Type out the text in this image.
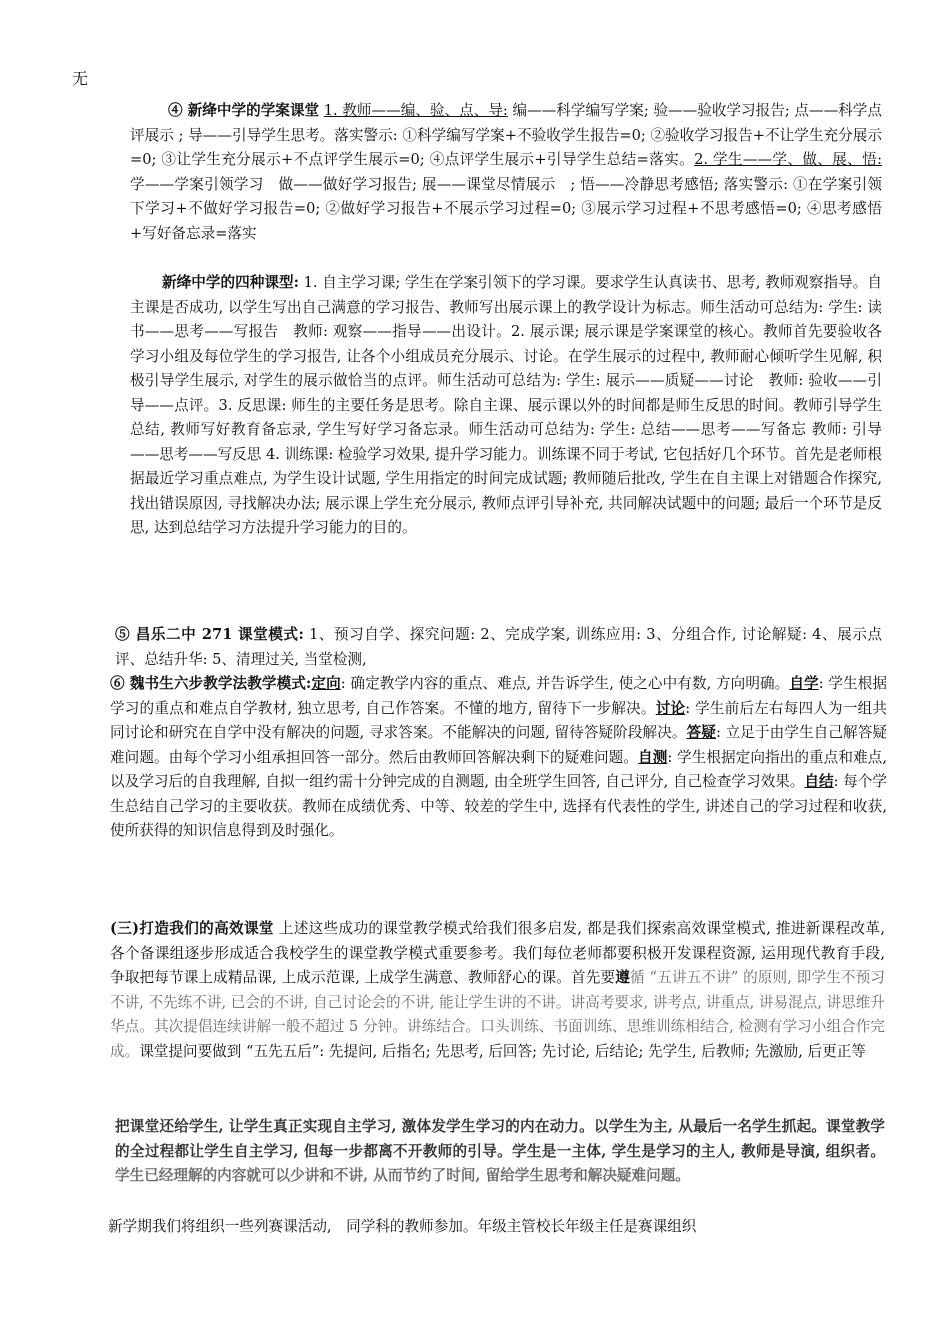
无

④ 新绛中学的学案课堂 1. 教师——编、验、点、导: 编——科学编写学案; 验——验收学习报告; 点——科学点评展示 ; 导——引导学生思考。落实警示: ①科学编写学案+不验收学生报告=0; ②验收学习报告+不让学生充分展示=0; ③让学生充分展示+不点评学生展示=0; ④点评学生展示+引导学生总结=落实。2. 学生——学、做、展、悟: 学——学案引领学习　做——做好学习报告; 展——课堂尽情展示　; 悟——冷静思考感悟; 落实警示: ①在学案引领下学习+不做好学习报告=0; ②做好学习报告+不展示学习过程=0; ③展示学习过程+不思考感悟=0; ④思考感悟+写好备忘录=落实

新绛中学的四种课型: 1. 自主学习课; 学生在学案引领下的学习课。要求学生认真读书、思考, 教师观察指导。自主课是否成功, 以学生写出自己满意的学习报告、教师写出展示课上的教学设计为标志。师生活动可总结为: 学生: 读书——思考——写报告　教师: 观察——指导——出设计。2. 展示课; 展示课是学案课堂的核心。教师首先要验收各学习小组及每位学生的学习报告, 让各个小组成员充分展示、讨论。在学生展示的过程中, 教师耐心倾听学生见解, 积极引导学生展示, 对学生的展示做恰当的点评。师生活动可总结为: 学生: 展示——质疑——讨论　教师: 验收——引导——点评。3. 反思课: 师生的主要任务是思考。除自主课、展示课以外的时间都是师生反思的时间。教师引导学生总结, 教师写好教育备忘录, 学生写好学习备忘录。师生活动可总结为: 学生: 总结——思考——写备忘 教师: 引导——思考——写反思 4. 训练课: 检验学习效果, 提升学习能力。训练课不同于考试, 它包括好几个环节。首先是老师根据最近学习重点难点, 为学生设计试题, 学生用指定的时间完成试题; 教师随后批改, 学生在自主课上对错题合作探究, 找出错误原因, 寻找解决办法; 展示课上学生充分展示, 教师点评引导补充, 共同解决试题中的问题; 最后一个环节是反思, 达到总结学习方法提升学习能力的目的。

⑤ 昌乐二中 271 课堂模式: 1、预习自学、探究问题: 2、完成学案, 训练应用: 3、分组合作, 讨论解疑: 4、展示点评、总结升华: 5、清理过关, 当堂检测,

⑥ 魏书生六步教学法教学模式:定向: 确定教学内容的重点、难点, 并告诉学生, 使之心中有数, 方向明确。自学: 学生根据学习的重点和难点自学教材, 独立思考, 自己作答案。不懂的地方, 留待下一步解决。讨论: 学生前后左右每四人为一组共同讨论和研究在自学中没有解决的问题, 寻求答案。不能解决的问题, 留待答疑阶段解决。答疑: 立足于由学生自己解答疑难问题。由每个学习小组承担回答一部分。然后由教师回答解决剩下的疑难问题。自测: 学生根据定向指出的重点和难点, 以及学习后的自我理解, 自拟一组约需十分钟完成的自测题, 由全班学生回答, 自己评分, 自己检查学习效果。自结: 每个学生总结自己学习的主要收获。教师在成绩优秀、中等、较差的学生中, 选择有代表性的学生, 讲述自己的学习过程和收获, 使所获得的知识信息得到及时强化。

(三)打造我们的高效课堂 上述这些成功的课堂教学模式给我们很多启发, 都是我们探索高效课堂模式, 推进新课程改革, 各个备课组逐步形成适合我校学生的课堂教学模式重要参考。我们每位老师都要积极开发课程资源, 运用现代教育手段, 争取把每节课上成精品课, 上成示范课, 上成学生满意、教师舒心的课。首先要遵循 “五讲五不讲” 的原则, 即学生不预习不讲, 不先练不讲, 已会的不讲, 自己讨论会的不讲, 能让学生讲的不讲。讲高考要求, 讲考点, 讲重点, 讲易混点, 讲思维升华点。其次提倡连续讲解一般不超过 5 分钟。讲练结合。口头训练、书面训练、思维训练相结合, 检测有学习小组合作完成。课堂提问要做到 “五先五后”: 先提问, 后指名; 先思考, 后回答; 先讨论, 后结论; 先学生, 后教师; 先激励, 后更正等

把课堂还给学生, 让学生真正实现自主学习, 激体发学生学习的内在动力。以学生为主, 从最后一名学生抓起。课堂教学的全过程都让学生自主学习, 但每一步都离不开教师的引导。学生是一主体, 学生是学习的主人, 教师是导演, 组织者。学生已经理解的内容就可以少讲和不讲, 从而节约了时间, 留给学生思考和解决疑难问题。

新学期我们将组织一些列赛课活动,　同学科的教师参加。年级主管校长年级主任是赛课组织
